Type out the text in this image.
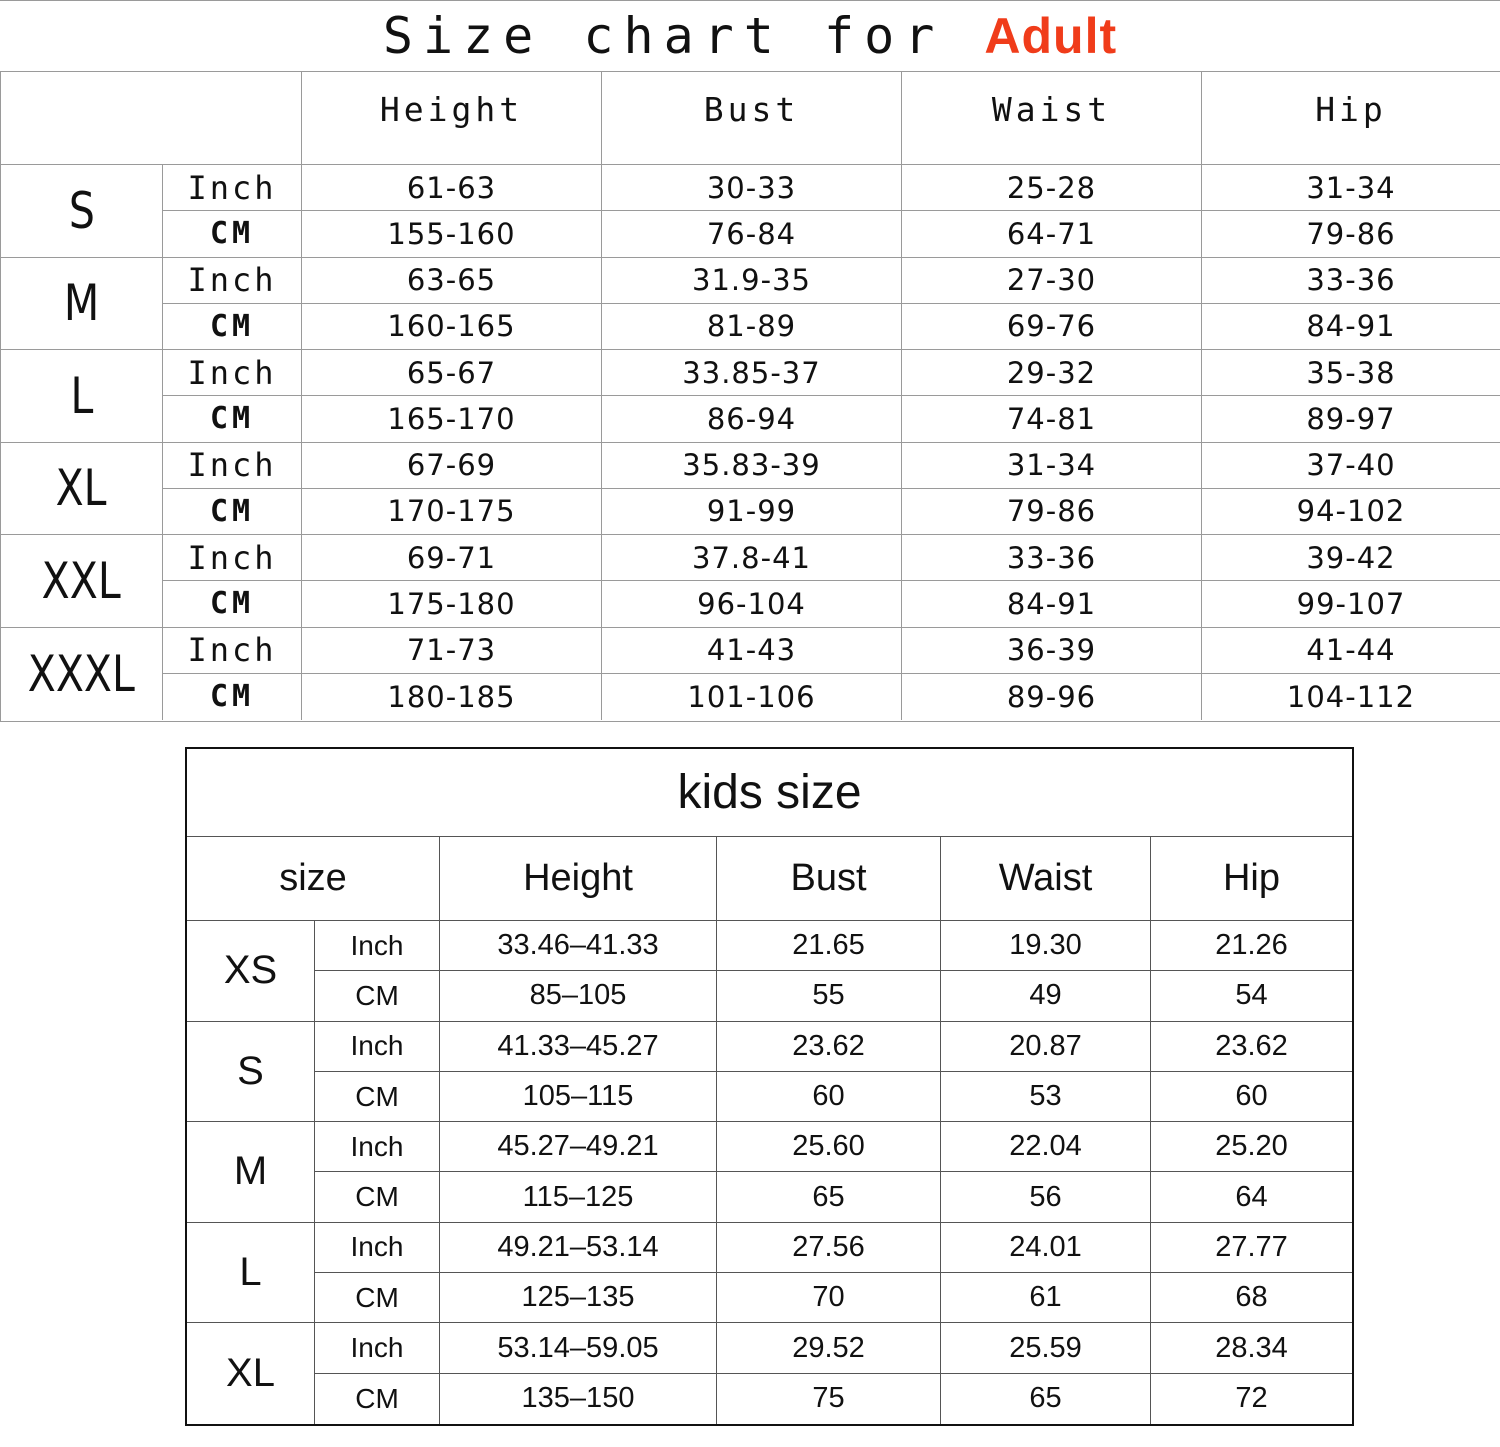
Size chart for Adult
Height	Bust	Waist	Hip
S	Inch	61-63	30-33	25-28	31-34
CM	155-160	76-84	64-71	79-86
M	Inch	63-65	31.9-35	27-30	33-36
CM	160-165	81-89	69-76	84-91
L	Inch	65-67	33.85-37	29-32	35-38
CM	165-170	86-94	74-81	89-97
XL	Inch	67-69	35.83-39	31-34	37-40
CM	170-175	91-99	79-86	94-102
XXL	Inch	69-71	37.8-41	33-36	39-42
CM	175-180	96-104	84-91	99-107
XXXL	Inch	71-73	41-43	36-39	41-44
CM	180-185	101-106	89-96	104-112
kids size
size	Height	Bust	Waist	Hip
XS
Inch	33.46–41.33	21.65	19.30	21.26
CM	85–105	55	49	54
S
Inch	41.33–45.27	23.62	20.87	23.62
CM	105–115	60	53	60
M
Inch	45.27–49.21	25.60	22.04	25.20
CM	115–125	65	56	64
L
Inch	49.21–53.14	27.56	24.01	27.77
CM	125–135	70	61	68
XL
Inch	53.14–59.05	29.52	25.59	28.34
CM	135–150	75	65	72
